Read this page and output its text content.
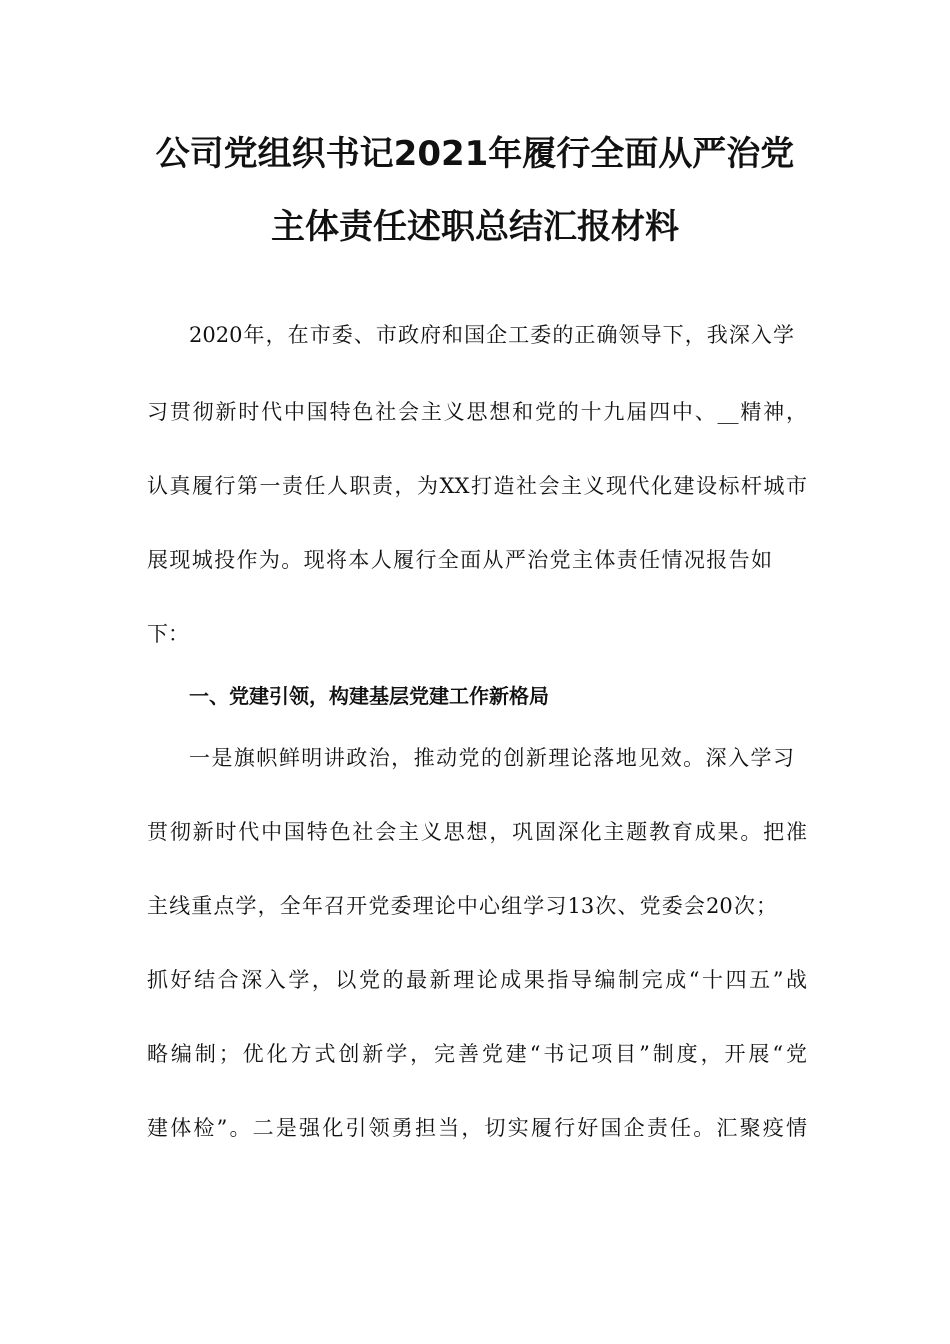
公司党组织书记2021年履行全面从严治党
主体责任述职总结汇报材料

2020年，在市委、市政府和国企工委的正确领导下，我深入学

习贯彻新时代中国特色社会主义思想和党的十九届四中、__精神，

认真履行第一责任人职责，为XX打造社会主义现代化建设标杆城市

展现城投作为。现将本人履行全面从严治党主体责任情况报告如

下：

一、党建引领，构建基层党建工作新格局

一是旗帜鲜明讲政治，推动党的创新理论落地见效。深入学习

贯彻新时代中国特色社会主义思想，巩固深化主题教育成果。把准

主线重点学，全年召开党委理论中心组学习13次、党委会20次；

抓好结合深入学，以党的最新理论成果指导编制完成“十四五”战

略编制；优化方式创新学，完善党建“书记项目”制度，开展“党

建体检”。二是强化引领勇担当，切实履行好国企责任。汇聚疫情
